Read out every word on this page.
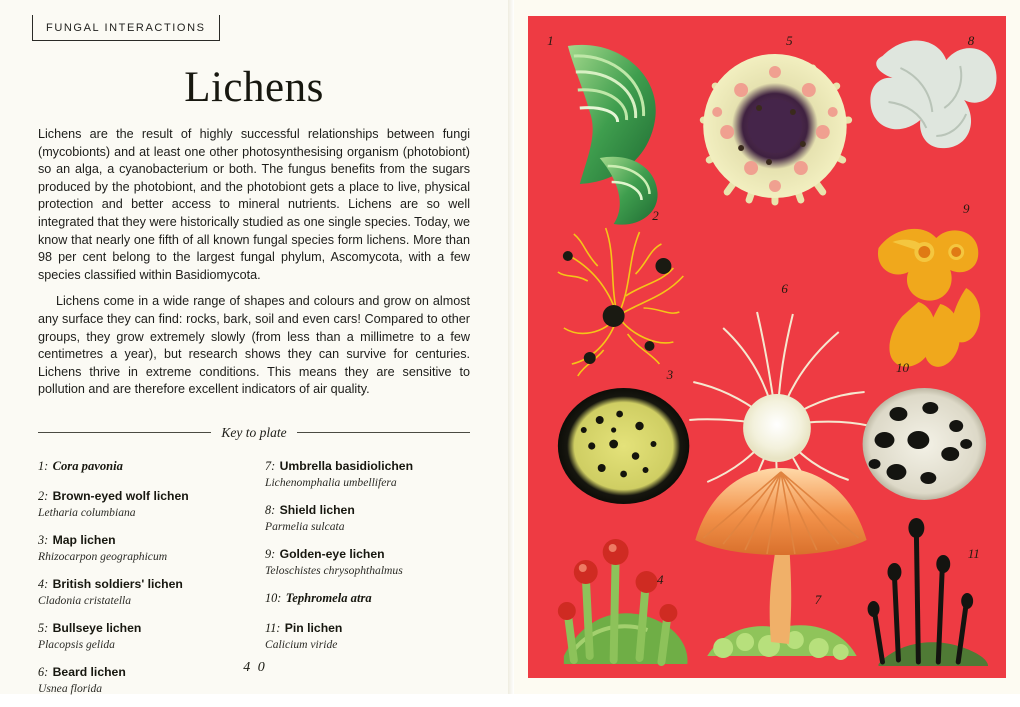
FUNGAL INTERACTIONS
Lichens

Lichens are the result of highly successful relationships between fungi (mycobionts) and at least one other photosynthesising organism (photobiont) so an alga, a cyanobacterium or both. The fungus benefits from the sugars produced by the photobiont, and the photobiont gets a place to live, physical protection and better access to mineral nutrients. Lichens are so well integrated that they were historically studied as one single species. Today, we know that nearly one fifth of all known fungal species form lichens. More than 98 per cent belong to the largest fungal phylum, Ascomycota, with a few species classified within Basidiomycota.

Lichens come in a wide range of shapes and colours and grow on almost any surface they can find: rocks, bark, soil and even cars! Compared to other groups, they grow extremely slowly (from less than a millimetre to a few centimetres a year), but research shows they can survive for centuries. Lichens thrive in extreme conditions. This means they are sensitive to pollution and are therefore excellent indicators of air quality.

Key to plate
1: Cora pavonia
2: Brown-eyed wolf lichen
Letharia columbiana
3: Map lichen
Rhizocarpon geographicum
4: British soldiers' lichen
Cladonia cristatella
5: Bullseye lichen
Placopsis gelida
6: Beard lichen
Usnea florida
7: Umbrella basidiolichen
Lichenomphalia umbellifera
8: Shield lichen
Parmelia sulcata
9: Golden-eye lichen
Teloschistes chrysophthalmus
10: Tephromela atra
11: Pin lichen
Calicium viride
4 0
1
2
3
4
5
6
7
8
9
10
11
